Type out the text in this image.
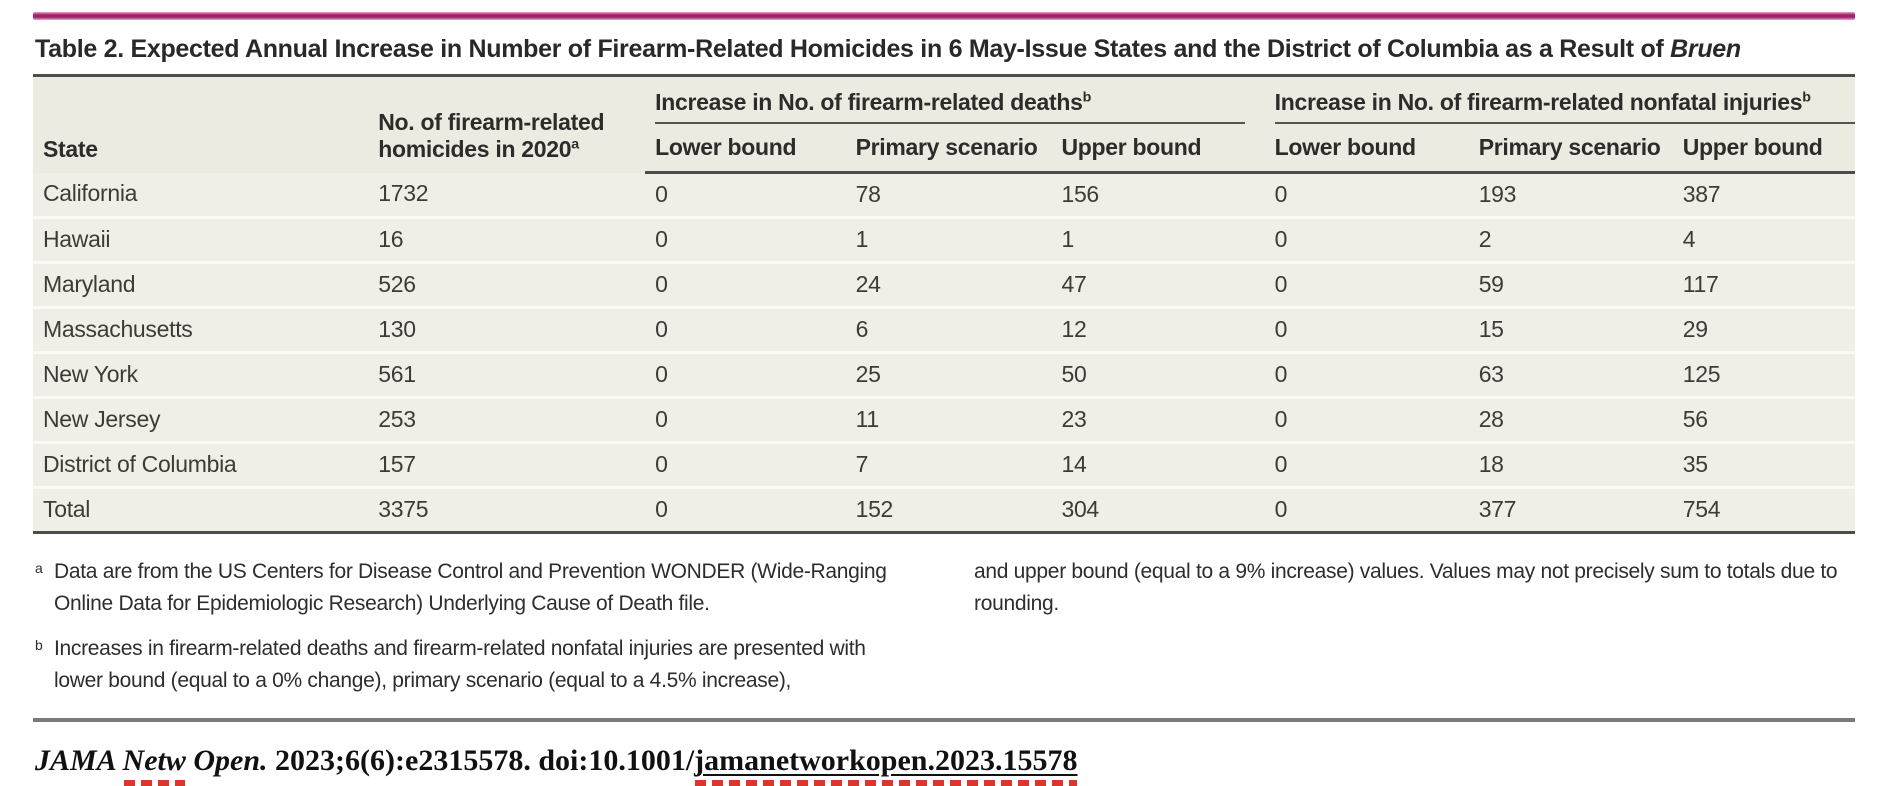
Table 2. Expected Annual Increase in Number of Firearm-Related Homicides in 6 May-Issue States and the District of Columbia as a Result of Bruen
State	No. of firearm-related homicides in 2020$^a$	Increase in No. of firearm-related deaths$^b$			Increase in No. of firearm-related nonfatal injuries$^b$

		Lower bound	Primary scenario	Upper bound	Lower bound	Primary scenario	Upper bound
California	1732	0	78	156	0	193	387
Hawaii	16	0	1	1	0	2	4
Maryland	526	0	24	47	0	59	117
Massachusetts	130	0	6	12	0	15	29
New York	561	0	25	50	0	63	125
New Jersey	253	0	11	23	0	28	56
District of Columbia	157	0	7	14	0	18	35
Total	3375	0	152	304	0	377	754

a Data are from the US Centers for Disease Control and Prevention WONDER (Wide-Ranging Online Data for Epidemiologic Research) Underlying Cause of Death file.

b Increases in firearm-related deaths and firearm-related nonfatal injuries are presented with lower bound (equal to a 0% change), primary scenario (equal to a 4.5% increase),

and upper bound (equal to a 9% increase) values. Values may not precisely sum to totals due to rounding.

JAMA Netw Open. 2023;6(6):e2315578. doi:10.1001/jamanetworkopen.2023.15578
